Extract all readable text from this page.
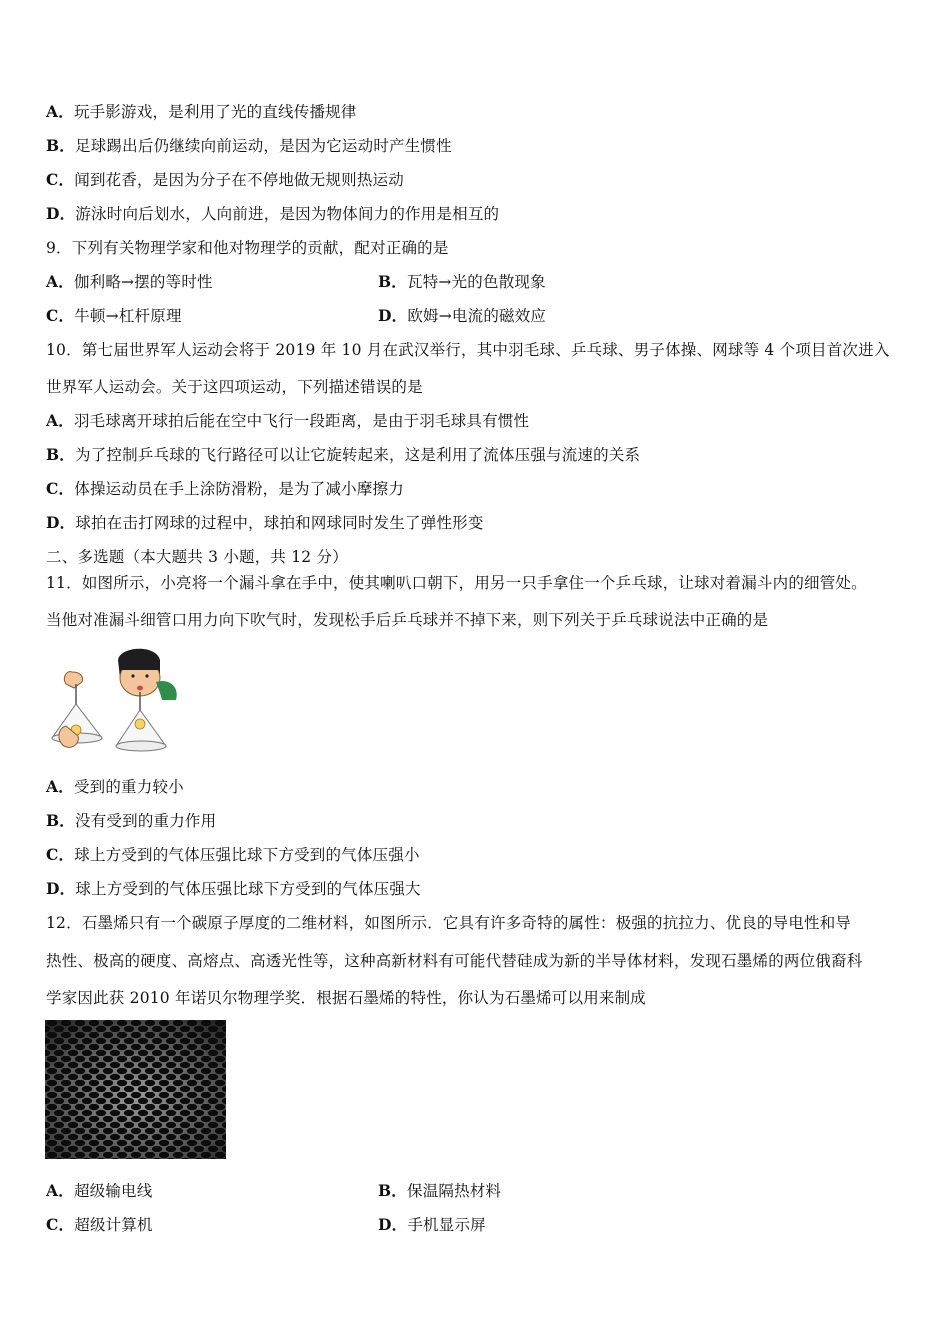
A．玩手影游戏，是利用了光的直线传播规律
B．足球踢出后仍继续向前运动，是因为它运动时产生惯性
C．闻到花香，是因为分子在不停地做无规则热运动
D．游泳时向后划水，人向前进，是因为物体间力的作用是相互的
9．下列有关物理学家和他对物理学的贡献，配对正确的是
A．伽利略→摆的等时性	B．瓦特→光的色散现象
C．牛顿→杠杆原理	D．欧姆→电流的磁效应
10．第七届世界军人运动会将于 2019 年 10 月在武汉举行，其中羽毛球、乒乓球、男子体操、网球等 4 个项目首次进入
世界军人运动会。关于这四项运动，下列描述错误的是
A．羽毛球离开球拍后能在空中飞行一段距离，是由于羽毛球具有惯性
B．为了控制乒乓球的飞行路径可以让它旋转起来，这是利用了流体压强与流速的关系
C．体操运动员在手上涂防滑粉，是为了减小摩擦力
D．球拍在击打网球的过程中，球拍和网球同时发生了弹性形变
二、多选题（本大题共 3 小题，共 12 分）
11．如图所示，小亮将一个漏斗拿在手中，使其喇叭口朝下，用另一只手拿住一个乒乓球，让球对着漏斗内的细管处。
当他对准漏斗细管口用力向下吹气时，发现松手后乒乓球并不掉下来，则下列关于乒乓球说法中正确的是
A．受到的重力较小
B．没有受到的重力作用
C．球上方受到的气体压强比球下方受到的气体压强小
D．球上方受到的气体压强比球下方受到的气体压强大
12．石墨烯只有一个碳原子厚度的二维材料，如图所示．它具有许多奇特的属性：极强的抗拉力、优良的导电性和导
热性、极高的硬度、高熔点、高透光性等，这种高新材料有可能代替硅成为新的半导体材料，发现石墨烯的两位俄裔科
学家因此获 2010 年诺贝尔物理学奖．根据石墨烯的特性，你认为石墨烯可以用来制成
A．超级输电线	B．保温隔热材料
C．超级计算机	D．手机显示屏
